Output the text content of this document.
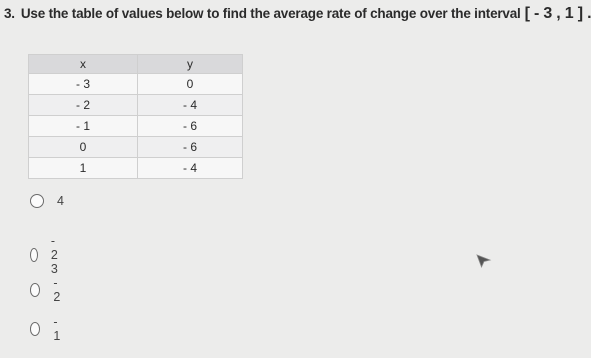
3. Use the table of values below to find the average rate of change over the interval [ - 3 , 1 ] .
x	y
- 3	0
- 2	- 4
- 1	- 6
0	- 6
1	- 4
4
- 2 3
- 2
- 1
